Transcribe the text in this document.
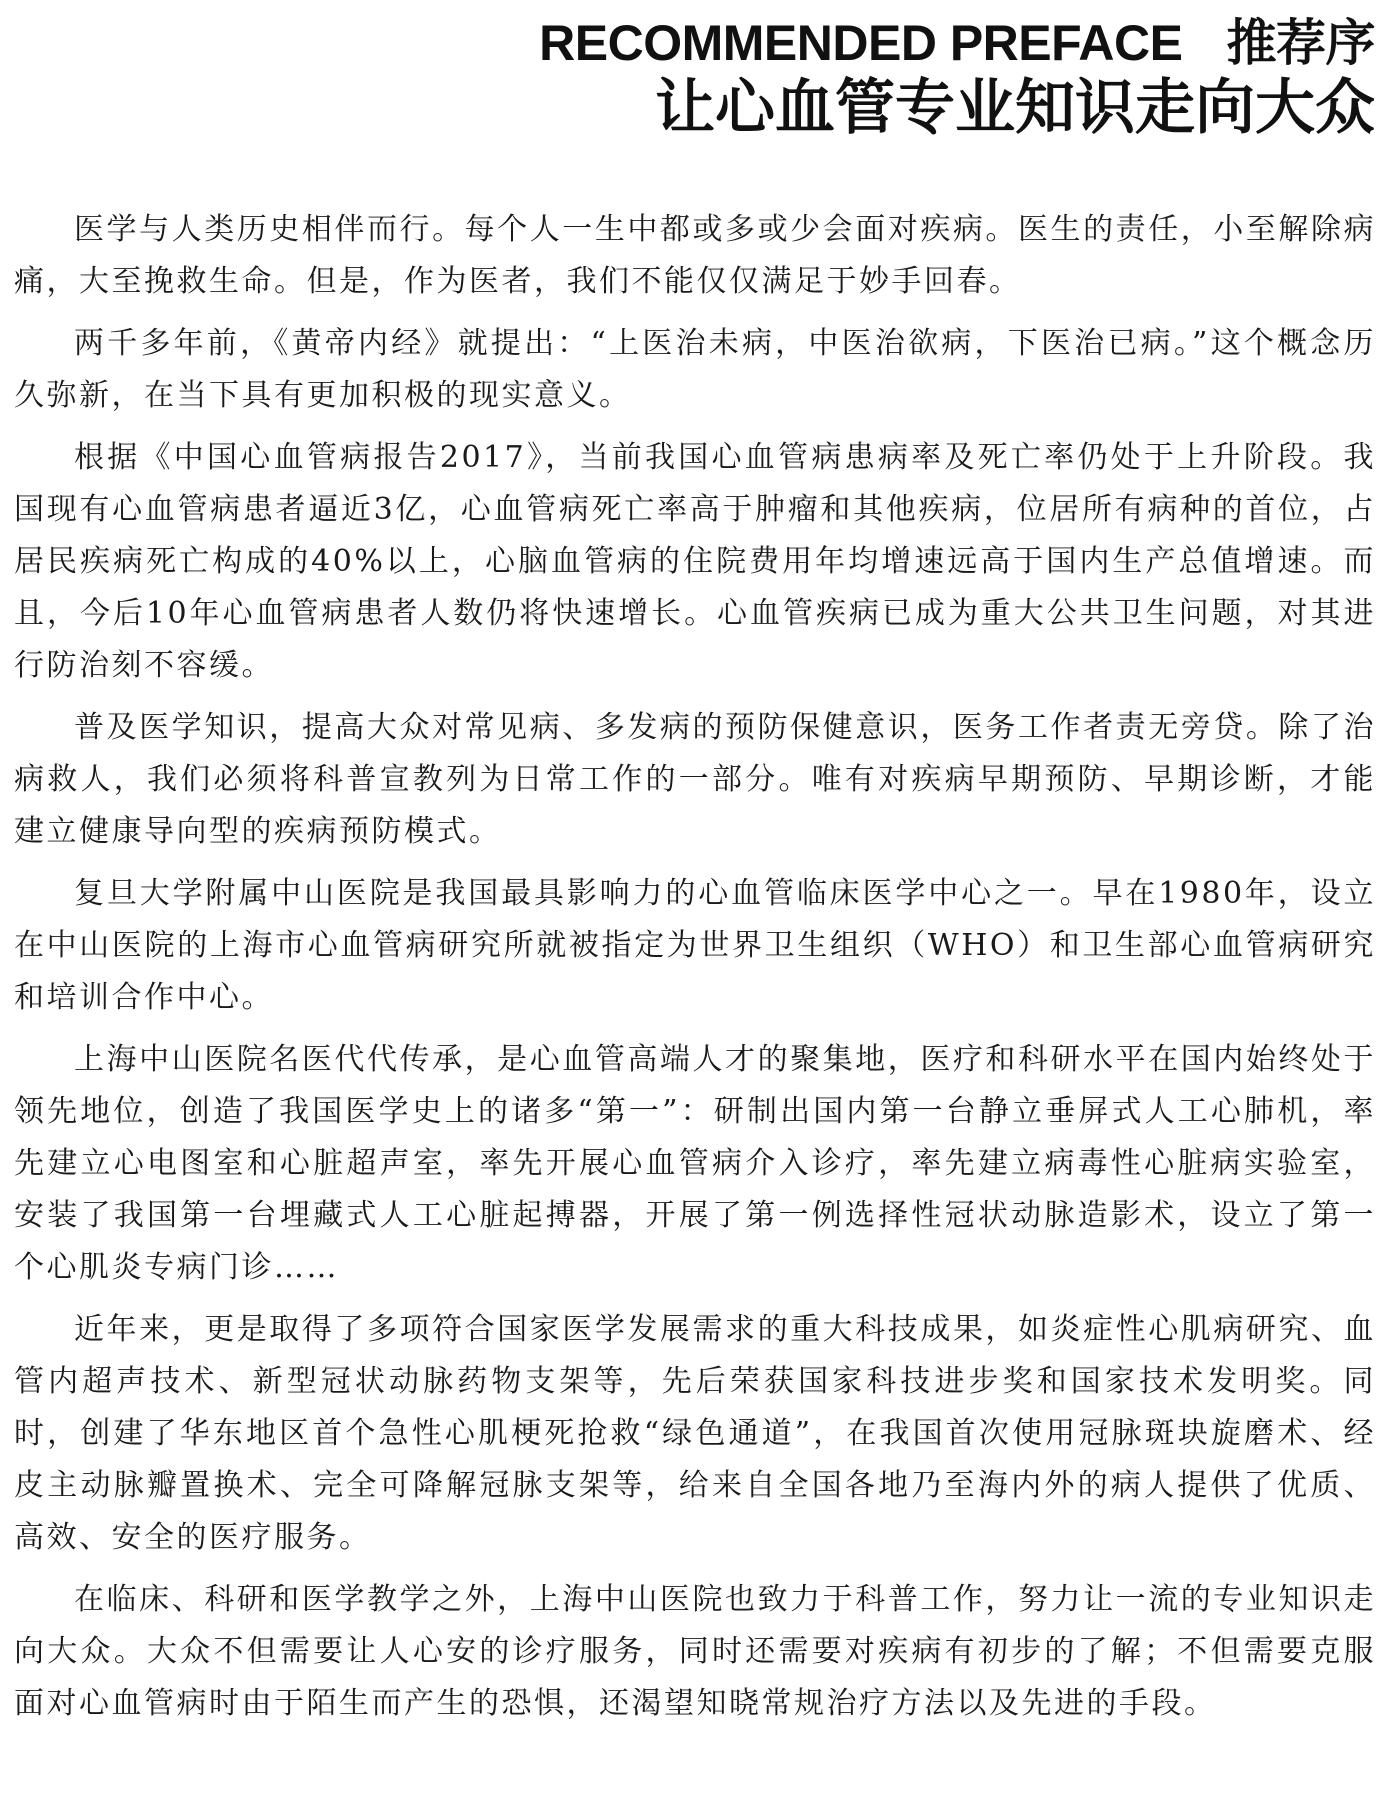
RECOMMENDED PREFACE 推荐序
让心血管专业知识走向大众

医学与人类历史相伴而行。每个人一生中都或多或少会面对疾病。医生的责任，小至解除病痛，大至挽救生命。但是，作为医者，我们不能仅仅满足于妙手回春。

两千多年前，《黄帝内经》就提出：“上医治未病，中医治欲病，下医治已病。”这个概念历久弥新，在当下具有更加积极的现实意义。

根据《中国心血管病报告2017》，当前我国心血管病患病率及死亡率仍处于上升阶段。我国现有心血管病患者逼近3亿，心血管病死亡率高于肿瘤和其他疾病，位居所有病种的首位，占居民疾病死亡构成的40%以上，心脑血管病的住院费用年均增速远高于国内生产总值增速。而且，今后10年心血管病患者人数仍将快速增长。心血管疾病已成为重大公共卫生问题，对其进行防治刻不容缓。

普及医学知识，提高大众对常见病、多发病的预防保健意识，医务工作者责无旁贷。除了治病救人，我们必须将科普宣教列为日常工作的一部分。唯有对疾病早期预防、早期诊断，才能建立健康导向型的疾病预防模式。

复旦大学附属中山医院是我国最具影响力的心血管临床医学中心之一。早在1980年，设立在中山医院的上海市心血管病研究所就被指定为世界卫生组织（WHO）和卫生部心血管病研究和培训合作中心。

上海中山医院名医代代传承，是心血管高端人才的聚集地，医疗和科研水平在国内始终处于领先地位，创造了我国医学史上的诸多“第一”：研制出国内第一台静立垂屏式人工心肺机，率先建立心电图室和心脏超声室，率先开展心血管病介入诊疗，率先建立病毒性心脏病实验室，安装了我国第一台埋藏式人工心脏起搏器，开展了第一例选择性冠状动脉造影术，设立了第一个心肌炎专病门诊……

近年来，更是取得了多项符合国家医学发展需求的重大科技成果，如炎症性心肌病研究、血管内超声技术、新型冠状动脉药物支架等，先后荣获国家科技进步奖和国家技术发明奖。同时，创建了华东地区首个急性心肌梗死抢救“绿色通道”，在我国首次使用冠脉斑块旋磨术、经皮主动脉瓣置换术、完全可降解冠脉支架等，给来自全国各地乃至海内外的病人提供了优质、高效、安全的医疗服务。

在临床、科研和医学教学之外，上海中山医院也致力于科普工作，努力让一流的专业知识走向大众。大众不但需要让人心安的诊疗服务，同时还需要对疾病有初步的了解；不但需要克服面对心血管病时由于陌生而产生的恐惧，还渴望知晓常规治疗方法以及先进的手段。
